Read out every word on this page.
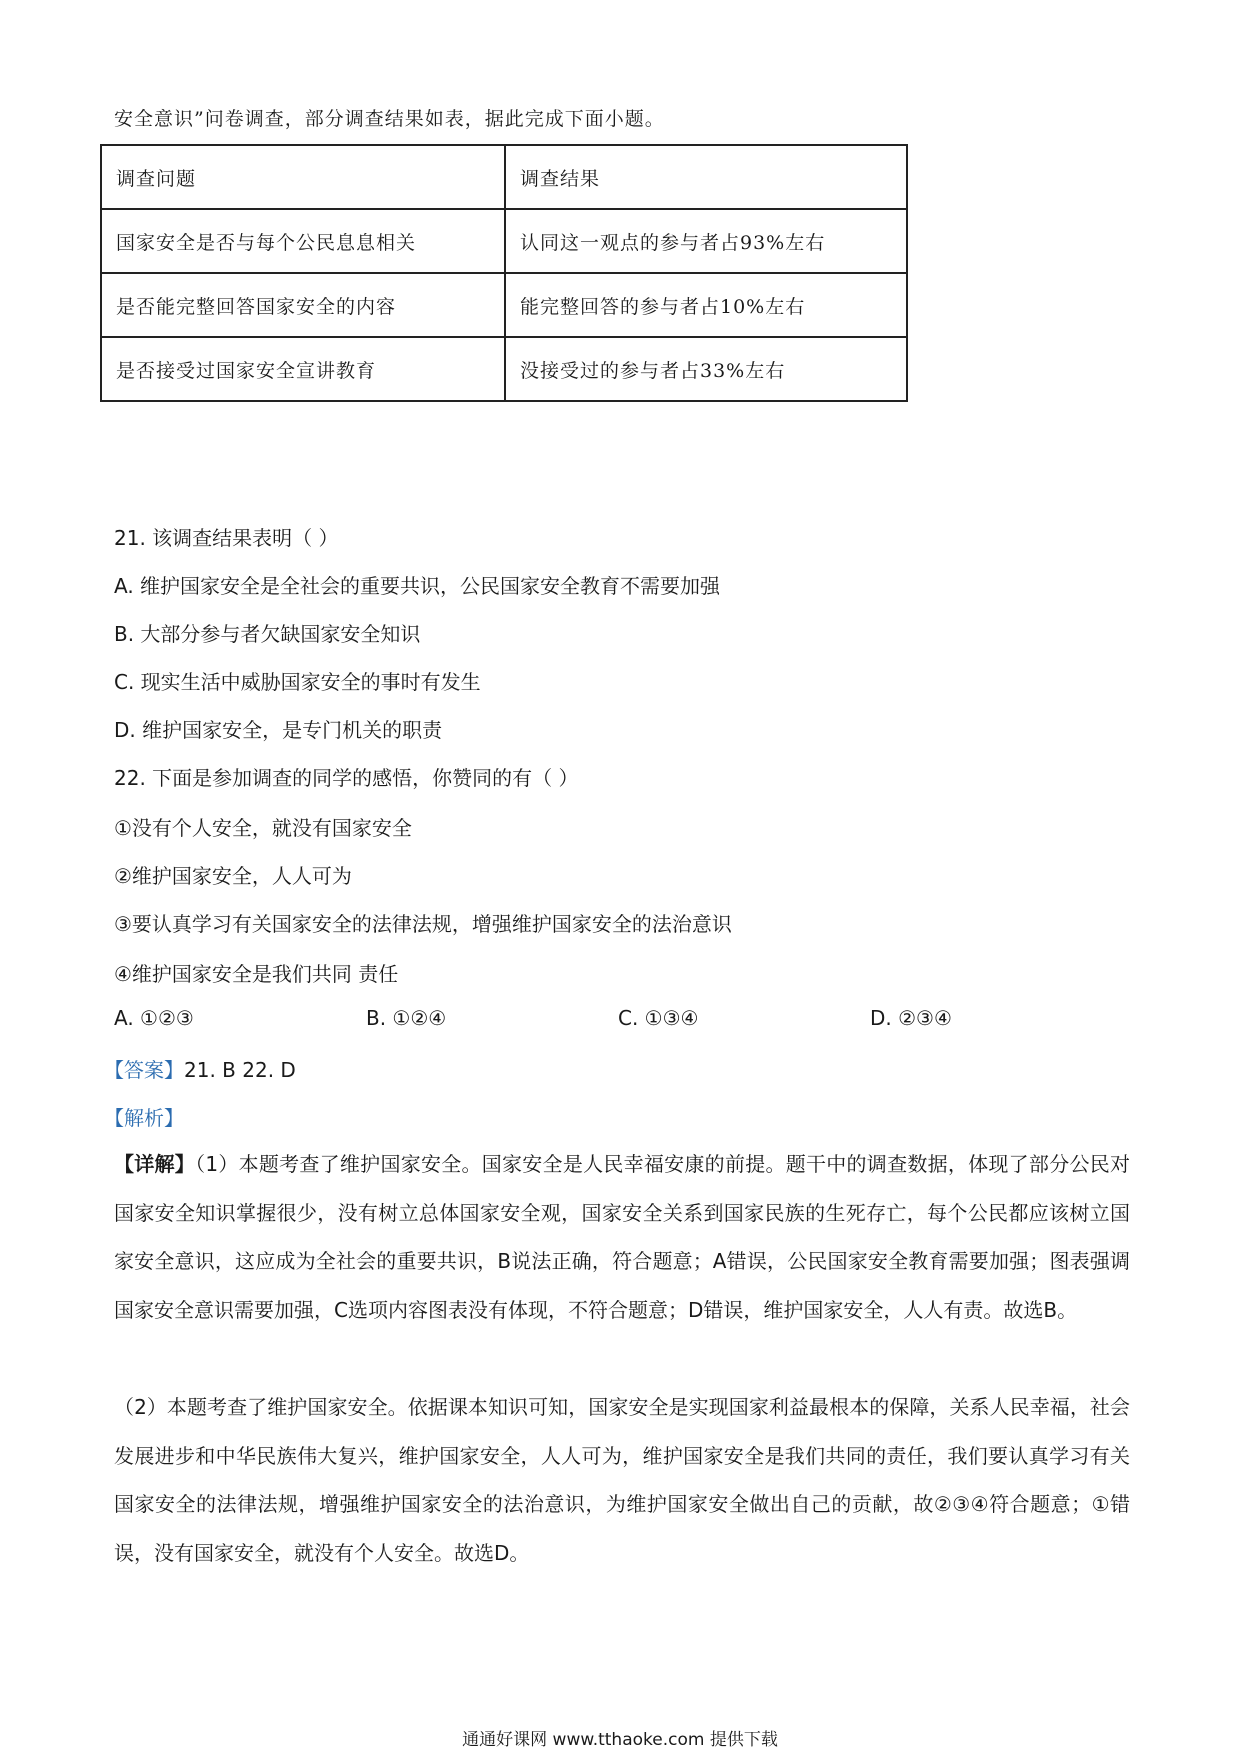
安全意识”问卷调查，部分调查结果如表，据此完成下面小题。
调查问题	调查结果
国家安全是否与每个公民息息相关	认同这一观点的参与者占93%左右
是否能完整回答国家安全的内容	能完整回答的参与者占10%左右
是否接受过国家安全宣讲教育	没接受过的参与者占33%左右
21. 该调查结果表明（ ）
A. 维护国家安全是全社会的重要共识，公民国家安全教育不需要加强
B. 大部分参与者欠缺国家安全知识
C. 现实生活中威胁国家安全的事时有发生
D. 维护国家安全，是专门机关的职责
22. 下面是参加调查的同学的感悟，你赞同的有（ ）
①没有个人安全，就没有国家安全
②维护国家安全，人人可为
③要认真学习有关国家安全的法律法规，增强维护国家安全的法治意识
④维护国家安全是我们共同 责任
A. ①②③	B. ①②④	C. ①③④	D. ②③④
【答案】21. B 22. D
【解析】
【详解】（1）本题考查了维护国家安全。国家安全是人民幸福安康的前提。题干中的调查数据，体现了部分公民对国家安全知识掌握很少，没有树立总体国家安全观，国家安全关系到国家民族的生死存亡，每个公民都应该树立国家安全意识，这应成为全社会的重要共识，B说法正确，符合题意；A错误，公民国家安全教育需要加强；图表强调国家安全意识需要加强，C选项内容图表没有体现，不符合题意；D错误，维护国家安全，人人有责。故选B。
（2）本题考查了维护国家安全。依据课本知识可知，国家安全是实现国家利益最根本的保障，关系人民幸福，社会发展进步和中华民族伟大复兴，维护国家安全，人人可为，维护国家安全是我们共同的责任，我们要认真学习有关国家安全的法律法规，增强维护国家安全的法治意识，为维护国家安全做出自己的贡献，故②③④符合题意；①错误，没有国家安全，就没有个人安全。故选D。
通通好课网 www.tthaoke.com 提供下载
